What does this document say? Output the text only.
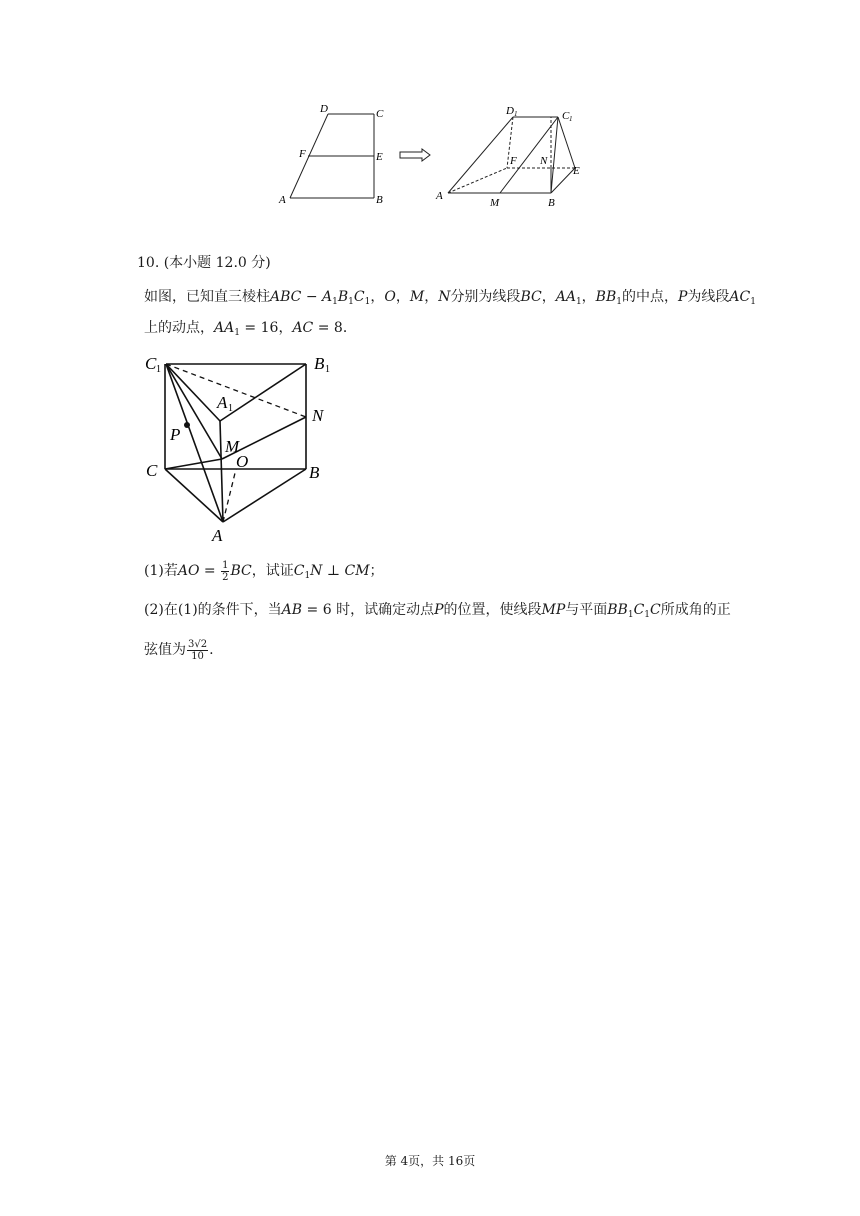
D	C
F	E
A	B
D 1	C 1
F N
E
A
M	B
10. (本小题 12.0 分)
如图，已知直三棱柱ABC − $A_1B_1C_1$，O，M，N分别为线段BC，$AA_1$，$BB_1$的中点，P为线段$AC_1$
上的动点，$AA_1 = 16$，AC = 8．
C 1	B 1
A 1	N
P
M
C	O
B
A
(1)若AO = $\frac{1}{2}$ BC，试证$C_1N$ ⊥ CM；
(2)在(1)的条件下，当AB = 6 时，试确定动点P的位置，使线段MP与平面$BB_1C_1C$所成角的正
弦值为 $\frac{3√2}{10}$ .
第 4页，共 16页
